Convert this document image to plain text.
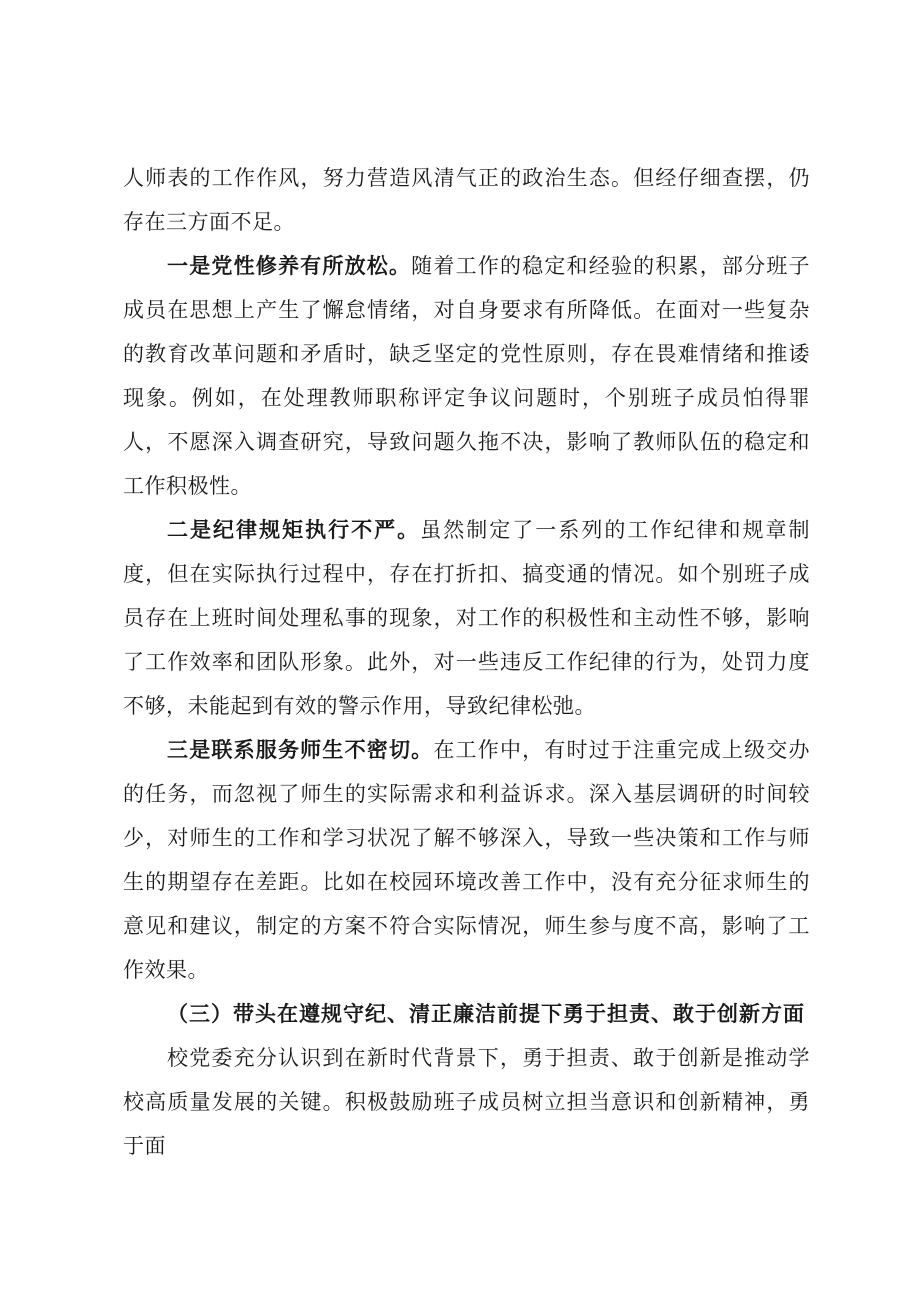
人师表的工作作风，努力营造风清气正的政治生态。但经仔细查摆，仍存在三方面不足。

一是党性修养有所放松。随着工作的稳定和经验的积累，部分班子成员在思想上产生了懈怠情绪，对自身要求有所降低。在面对一些复杂的教育改革问题和矛盾时，缺乏坚定的党性原则，存在畏难情绪和推诿现象。例如，在处理教师职称评定争议问题时，个别班子成员怕得罪人，不愿深入调查研究，导致问题久拖不决，影响了教师队伍的稳定和工作积极性。

二是纪律规矩执行不严。虽然制定了一系列的工作纪律和规章制度，但在实际执行过程中，存在打折扣、搞变通的情况。如个别班子成员存在上班时间处理私事的现象，对工作的积极性和主动性不够，影响了工作效率和团队形象。此外，对一些违反工作纪律的行为，处罚力度不够，未能起到有效的警示作用，导致纪律松弛。

三是联系服务师生不密切。在工作中，有时过于注重完成上级交办的任务，而忽视了师生的实际需求和利益诉求。深入基层调研的时间较少，对师生的工作和学习状况了解不够深入，导致一些决策和工作与师生的期望存在差距。比如在校园环境改善工作中，没有充分征求师生的意见和建议，制定的方案不符合实际情况，师生参与度不高，影响了工作效果。

（三）带头在遵规守纪、清正廉洁前提下勇于担责、敢于创新方面

校党委充分认识到在新时代背景下，勇于担责、敢于创新是推动学校高质量发展的关键。积极鼓励班子成员树立担当意识和创新精神，勇于面
